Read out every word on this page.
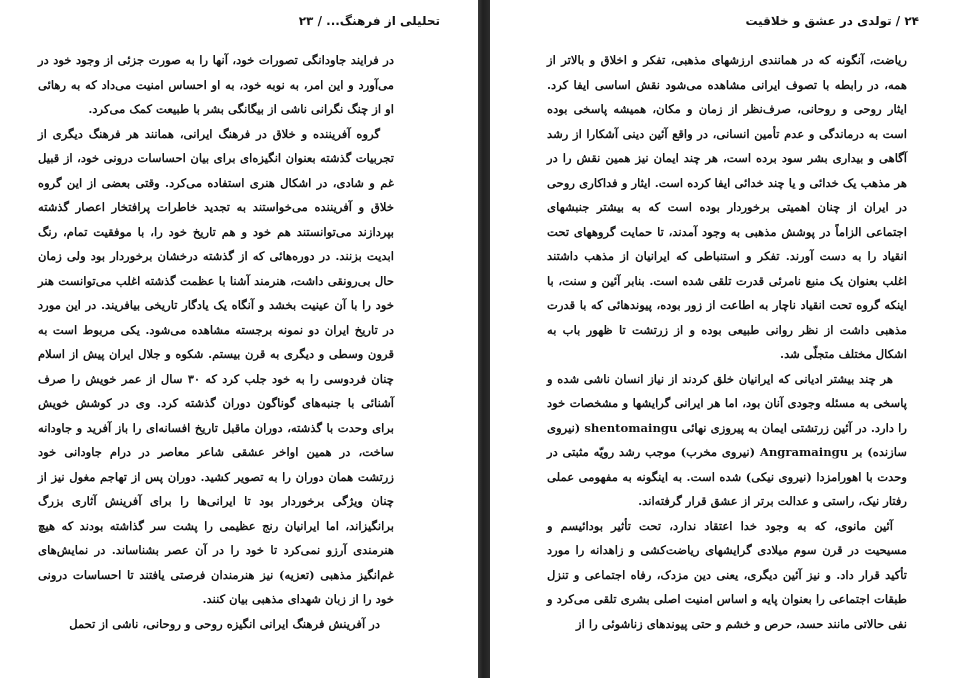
تحلیلی از فرهنگ... / ۲۳

در فرایند جاودانگی تصورات خود، آنها را به صورت جزئی از وجود خود در می‌آورد و این امر، به نوبه خود، به او احساس امنیت می‌داد که به رهائی او از چنگ نگرانی ناشی از بیگانگی بشر با طبیعت کمک می‌کرد.

گروه آفریننده و خلاق در فرهنگ ایرانی، همانند هر فرهنگ دیگری از تجربیات گذشته بعنوان انگیزه‌ای برای بیان احساسات درونی خود، از قبیل غم و شادی، در اشکال هنری استفاده می‌کرد. وقتی بعضی از این گروه خلاق و آفریننده می‌خواستند به تجدید خاطرات پرافتخار اعصار گذشته بپردازند می‌توانستند هم خود و هم تاریخ خود را، با موفقیت تمام، رنگ ابدیت بزنند. در دوره‌هائی که از گذشته درخشان برخوردار بود ولی زمان حال بی‌رونقی داشت، هنرمند آشنا با عظمت گذشته اغلب می‌توانست هنر خود را با آن عینیت بخشد و آنگاه یک یادگار تاریخی بیافریند. در این مورد در تاریخ ایران دو نمونه برجسته مشاهده می‌شود. یکی مربوط است به قرون وسطی و دیگری به قرن بیستم. شکوه و جلال ایران پیش از اسلام چنان فردوسی را به خود جلب کرد که ۳۰ سال از عمر خویش را صرف آشنائی با جنبه‌های گوناگون دوران گذشته کرد. وی در کوشش خویش برای وحدت با گذشته، دوران ماقبل تاریخ افسانه‌ای را باز آفرید و جاودانه ساخت، در همین اواخر عشقی شاعر معاصر در درام جاودانی خود زرتشت همان دوران را به تصویر کشید. دوران پس از تهاجم مغول نیز از چنان ویژگی برخوردار بود تا ایرانی‌ها را برای آفرینش آثاری بزرگ برانگیزاند، اما ایرانیان رنج عظیمی را پشت سر گذاشته بودند که هیچ هنرمندی آرزو نمی‌کرد تا خود را در آن عصر بشناساند. در نمایش‌های غم‌انگیز مذهبی (تعزیه) نیز هنرمندان فرصتی یافتند تا احساسات درونی خود را از زبان شهدای مذهبی بیان کنند.

در آفرینش فرهنگ ایرانی انگیزه روحی و روحانی، ناشی از تحمل

۲۴ / تولدی در عشق و خلاقیت

ریاضت، آنگونه که در همانندی ارزشهای مذهبی، تفکر و اخلاق و بالاتر از همه، در رابطه با تصوف ایرانی مشاهده می‌شود نقش اساسی ایفا کرد. ایثار روحی و روحانی، صرف‌نظر از زمان و مکان، همیشه پاسخی بوده است به درماندگی و عدم تأمین انسانی، در واقع آئین دینی آشکارا از رشد آگاهی و بیداری بشر سود برده است، هر چند ایمان نیز همین نقش را در هر مذهب یک خدائی و یا چند خدائی ایفا کرده است. ایثار و فداکاری روحی در ایران از چنان اهمیتی برخوردار بوده است که به بیشتر جنبشهای اجتماعی الزاماً در پوشش مذهبی به وجود آمدند، تا حمایت گروههای تحت انقیاد را به دست آورند. تفکر و استنباطی که ایرانیان از مذهب داشتند اغلب بعنوان یک منبع نامرئی قدرت تلقی شده است. بنابر آئین و سنت، با اینکه گروه تحت انقیاد ناچار به اطاعت از زور بوده، پیوندهائی که با قدرت مذهبی داشت از نظر روانی طبیعی بوده و از زرتشت تا ظهور باب به اشکال مختلف متجلّی شد.

هر چند بیشتر ادیانی که ایرانیان خلق کردند از نیاز انسان ناشی شده و پاسخی به مسئله وجودی آنان بود، اما هر ایرانی گرایشها و مشخصات خود را دارد. در آئین زرتشتی ایمان به پیروزی نهائی shentomaingu (نیروی سازنده) بر Angramaingu (نیروی مخرب) موجب رشد رویّه مثبتی در وحدت با اهورامزدا (نیروی نیکی) شده است. به اینگونه به مفهومی عملی رفتار نیک، راستی و عدالت برتر از عشق قرار گرفته‌اند.

آئین مانوی، که به وجود خدا اعتقاد ندارد، تحت تأثیر بودائیسم و مسیحیت در قرن سوم میلادی گرایشهای ریاضت‌کشی و زاهدانه را مورد تأکید قرار داد. و نیز آئین دیگری، یعنی دین مزدک، رفاه اجتماعی و تنزل طبقات اجتماعی را بعنوان پایه و اساس امنیت اصلی بشری تلقی می‌کرد و نفی حالاتی مانند حسد، حرص و خشم و حتی پیوندهای زناشوئی را از
